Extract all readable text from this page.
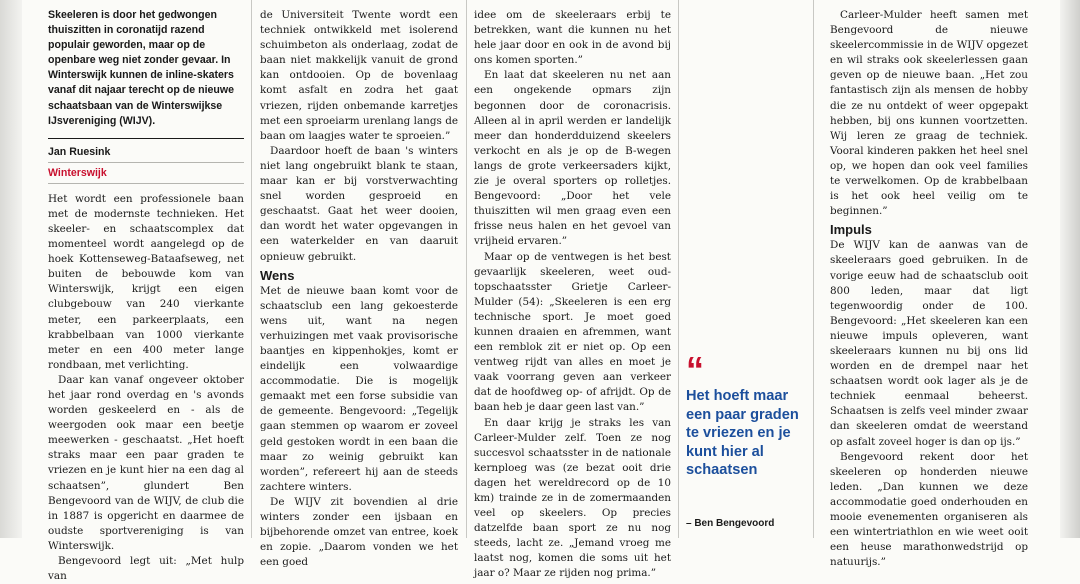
Skeeleren is door het gedwongen thuiszitten in coronatijd razend populair geworden, maar op de openbare weg niet zonder gevaar. In Winterswijk kunnen de inline-skaters vanaf dit najaar terecht op de nieuwe schaatsbaan van de Winterswijkse IJsvereniging (WIJV).

Jan Ruesink
Winterswijk

Het wordt een professionele baan met de modernste technieken. Het skeeler- en schaatscomplex dat momenteel wordt aangelegd op de hoek Kottenseweg-Bataafseweg, net buiten de bebouwde kom van Winterswijk, krijgt een eigen clubgebouw van 240 vierkante meter, een parkeerplaats, een krabbelbaan van 1000 vierkante meter en een 400 meter lange rondbaan, met verlichting.

Daar kan vanaf ongeveer oktober het jaar rond overdag en 's avonds worden geskeelerd en - als de weergoden ook maar een beetje meewerken - geschaatst. „Het hoeft straks maar een paar graden te vriezen en je kunt hier na een dag al schaatsen”, glundert Ben Bengevoord van de WIJV, de club die in 1887 is opgericht en daarmee de oudste sportvereniging is van Winterswijk.

Bengevoord legt uit: „Met hulp van

de Universiteit Twente wordt een techniek ontwikkeld met isolerend schuimbeton als onderlaag, zodat de baan niet makkelijk vanuit de grond kan ontdooien. Op de bovenlaag komt asfalt en zodra het gaat vriezen, rijden onbemande karretjes met een sproeiarm urenlang langs de baan om laagjes water te sproeien.”

Daardoor hoeft de baan 's winters niet lang ongebruikt blank te staan, maar kan er bij vorstverwachting snel worden gesproeid en geschaatst. Gaat het weer dooien, dan wordt het water opgevangen in een waterkelder en van daaruit opnieuw gebruikt.

Wens

Met de nieuwe baan komt voor de schaatsclub een lang gekoesterde wens uit, want na negen verhuizingen met vaak provisorische baantjes en kippenhokjes, komt er eindelijk een volwaardige accommodatie. Die is mogelijk gemaakt met een forse subsidie van de gemeente. Bengevoord: „Tegelijk gaan stemmen op waarom er zoveel geld gestoken wordt in een baan die maar zo weinig gebruikt kan worden”, refereert hij aan de steeds zachtere winters.

De WIJV zit bovendien al drie winters zonder een ijsbaan en bijbehorende omzet van entree, koek en zopie. „Daarom vonden we het een goed

idee om de skeeleraars erbij te betrekken, want die kunnen nu het hele jaar door en ook in de avond bij ons komen sporten.”

En laat dat skeeleren nu net aan een ongekende opmars zijn begonnen door de coronacrisis. Alleen al in april werden er landelijk meer dan honderdduizend skeelers verkocht en als je op de B-wegen langs de grote verkeersaders kijkt, zie je overal sporters op rolletjes. Bengevoord: „Door het vele thuiszitten wil men graag even een frisse neus halen en het gevoel van vrijheid ervaren.”

Maar op de ventwegen is het best gevaarlijk skeeleren, weet oud-topschaatsster Grietje Carleer-Mulder (54): „Skeeleren is een erg technische sport. Je moet goed kunnen draaien en afremmen, want een remblok zit er niet op. Op een ventweg rijdt van alles en moet je vaak voorrang geven aan verkeer dat de hoofdweg op- of afrijdt. Op de baan heb je daar geen last van.”

En daar krijg je straks les van Carleer-Mulder zelf. Toen ze nog succesvol schaatsster in de nationale kernploeg was (ze bezat ooit drie dagen het wereldrecord op de 10 km) trainde ze in de zomermaanden veel op skeelers. Op precies datzelfde baan sport ze nu nog steeds, lacht ze. „Jemand vroeg me laatst nog, komen die soms uit het jaar o? Maar ze rijden nog prima.”

“
Het hoeft maar een paar graden te vriezen en je kunt hier al schaatsen
– Ben Bengevoord

Carleer-Mulder heeft samen met Bengevoord de nieuwe skeelercommissie in de WIJV opgezet en wil straks ook skeelerlessen gaan geven op de nieuwe baan. „Het zou fantastisch zijn als mensen de hobby die ze nu ontdekt of weer opgepakt hebben, bij ons kunnen voortzetten. Wij leren ze graag de techniek. Vooral kinderen pakken het heel snel op, we hopen dan ook veel families te verwelkomen. Op de krabbelbaan is het ook heel veilig om te beginnen.”

Impuls

De WIJV kan de aanwas van de skeeleraars goed gebruiken. In de vorige eeuw had de schaatsclub ooit 800 leden, maar dat ligt tegenwoordig onder de 100. Bengevoord: „Het skeeleren kan een nieuwe impuls opleveren, want skeeleraars kunnen nu bij ons lid worden en de drempel naar het schaatsen wordt ook lager als je de techniek eenmaal beheerst. Schaatsen is zelfs veel minder zwaar dan skeeleren omdat de weerstand op asfalt zoveel hoger is dan op ijs.”

Bengevoord rekent door het skeeleren op honderden nieuwe leden. „Dan kunnen we deze accommodatie goed onderhouden en mooie evenementen organiseren als een wintertriathlon en wie weet ooit een heuse marathonwedstrijd op natuurijs.”
